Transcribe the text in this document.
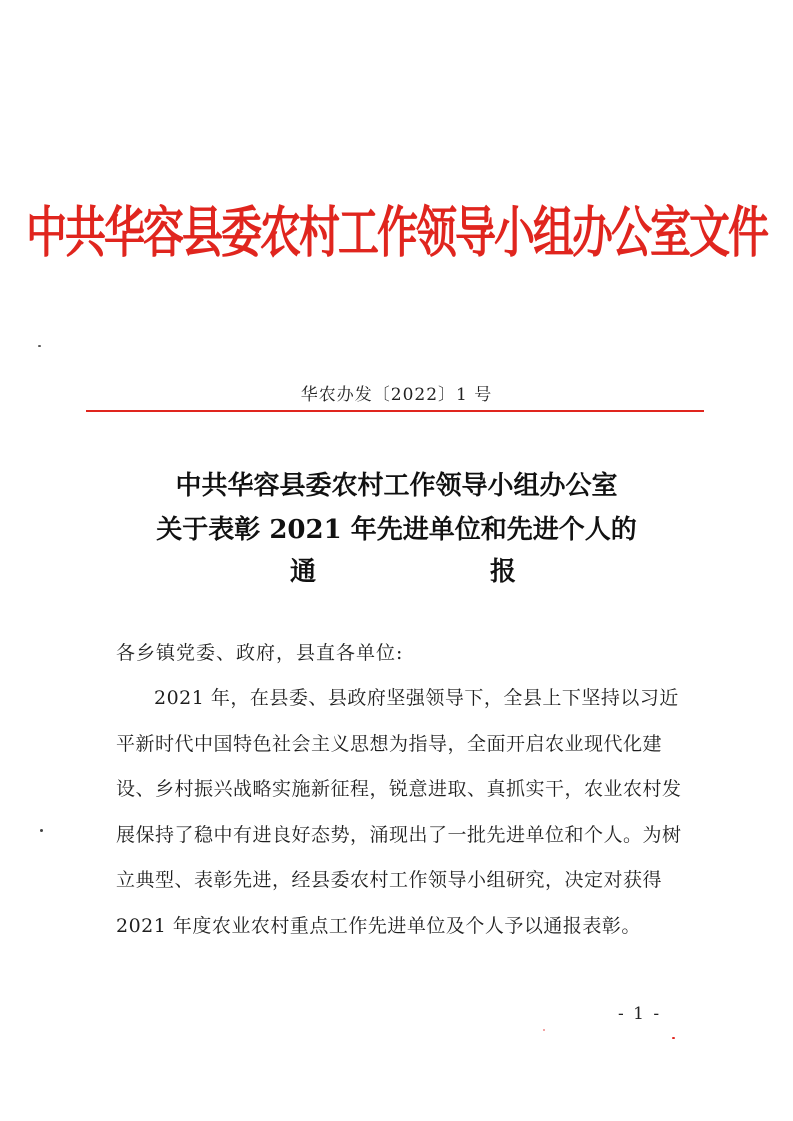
中共华容县委农村工作领导小组办公室文件
华农办发〔2022〕1 号
中共华容县委农村工作领导小组办公室
关于表彰 2021 年先进单位和先进个人的
通	报
各乡镇党委、政府，县直各单位:
2021 年，在县委、县政府坚强领导下，全县上下坚持以习近平新时代中国特色社会主义思想为指导，全面开启农业现代化建设、乡村振兴战略实施新征程，锐意进取、真抓实干，农业农村发展保持了稳中有进良好态势，涌现出了一批先进单位和个人。为树立典型、表彰先进，经县委农村工作领导小组研究，决定对获得 2021 年度农业农村重点工作先进单位及个人予以通报表彰。
- 1 -
